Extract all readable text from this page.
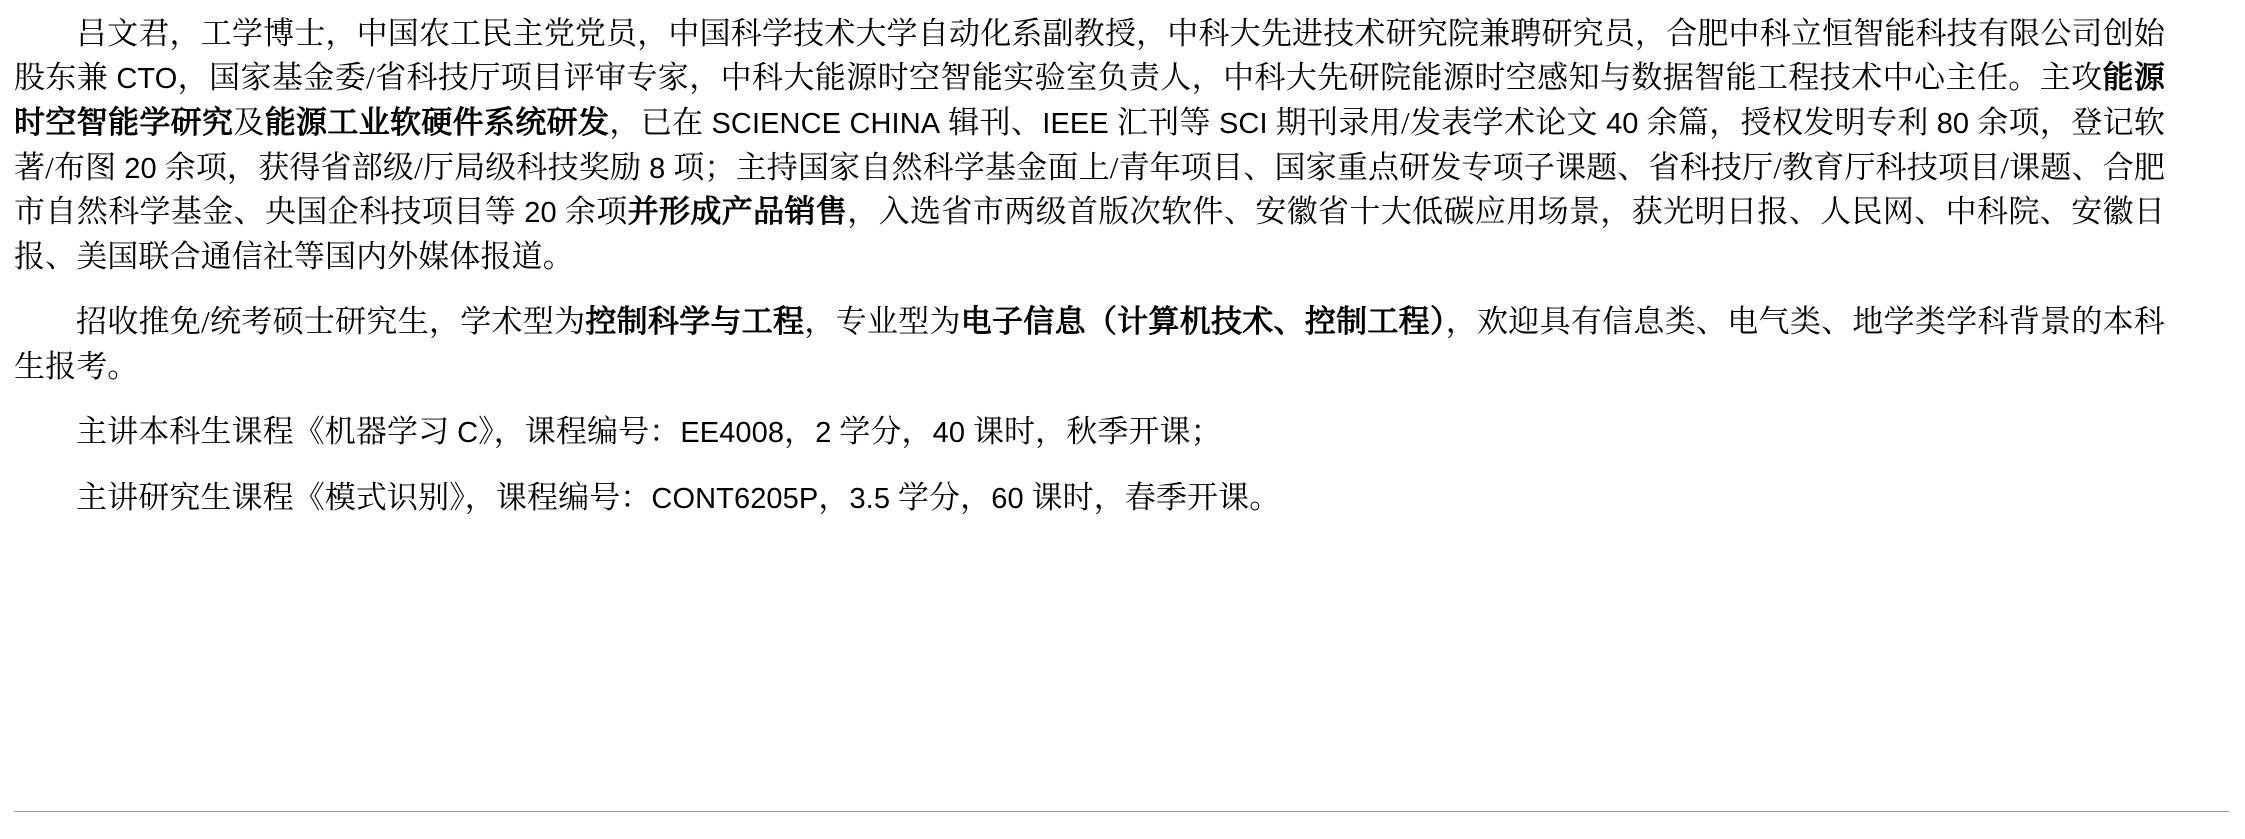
吕文君，工学博士，中国农工民主党党员，中国科学技术大学自动化系副教授，中科大先进技术研究院兼聘研究员，合肥中科立恒智能科技有限公司创始股东兼 CTO，国家基金委/省科技厅项目评审专家，中科大能源时空智能实验室负责人，中科大先研院能源时空感知与数据智能工程技术中心主任。主攻能源时空智能学研究及能源工业软硬件系统研发，已在 SCIENCE CHINA 辑刊、IEEE 汇刊等 SCI 期刊录用/发表学术论文 40 余篇，授权发明专利 80 余项，登记软著/布图 20 余项，获得省部级/厅局级科技奖励 8 项；主持国家自然科学基金面上/青年项目、国家重点研发专项子课题、省科技厅/教育厅科技项目/课题、合肥市自然科学基金、央国企科技项目等 20 余项并形成产品销售，入选省市两级首版次软件、安徽省十大低碳应用场景，获光明日报、人民网、中科院、安徽日报、美国联合通信社等国内外媒体报道。

招收推免/统考硕士研究生，学术型为控制科学与工程，专业型为电子信息（计算机技术、控制工程），欢迎具有信息类、电气类、地学类学科背景的本科生报考。

主讲本科生课程《机器学习 C》，课程编号：EE4008，2 学分，40 课时，秋季开课；

主讲研究生课程《模式识别》，课程编号：CONT6205P，3.5 学分，60 课时，春季开课。
